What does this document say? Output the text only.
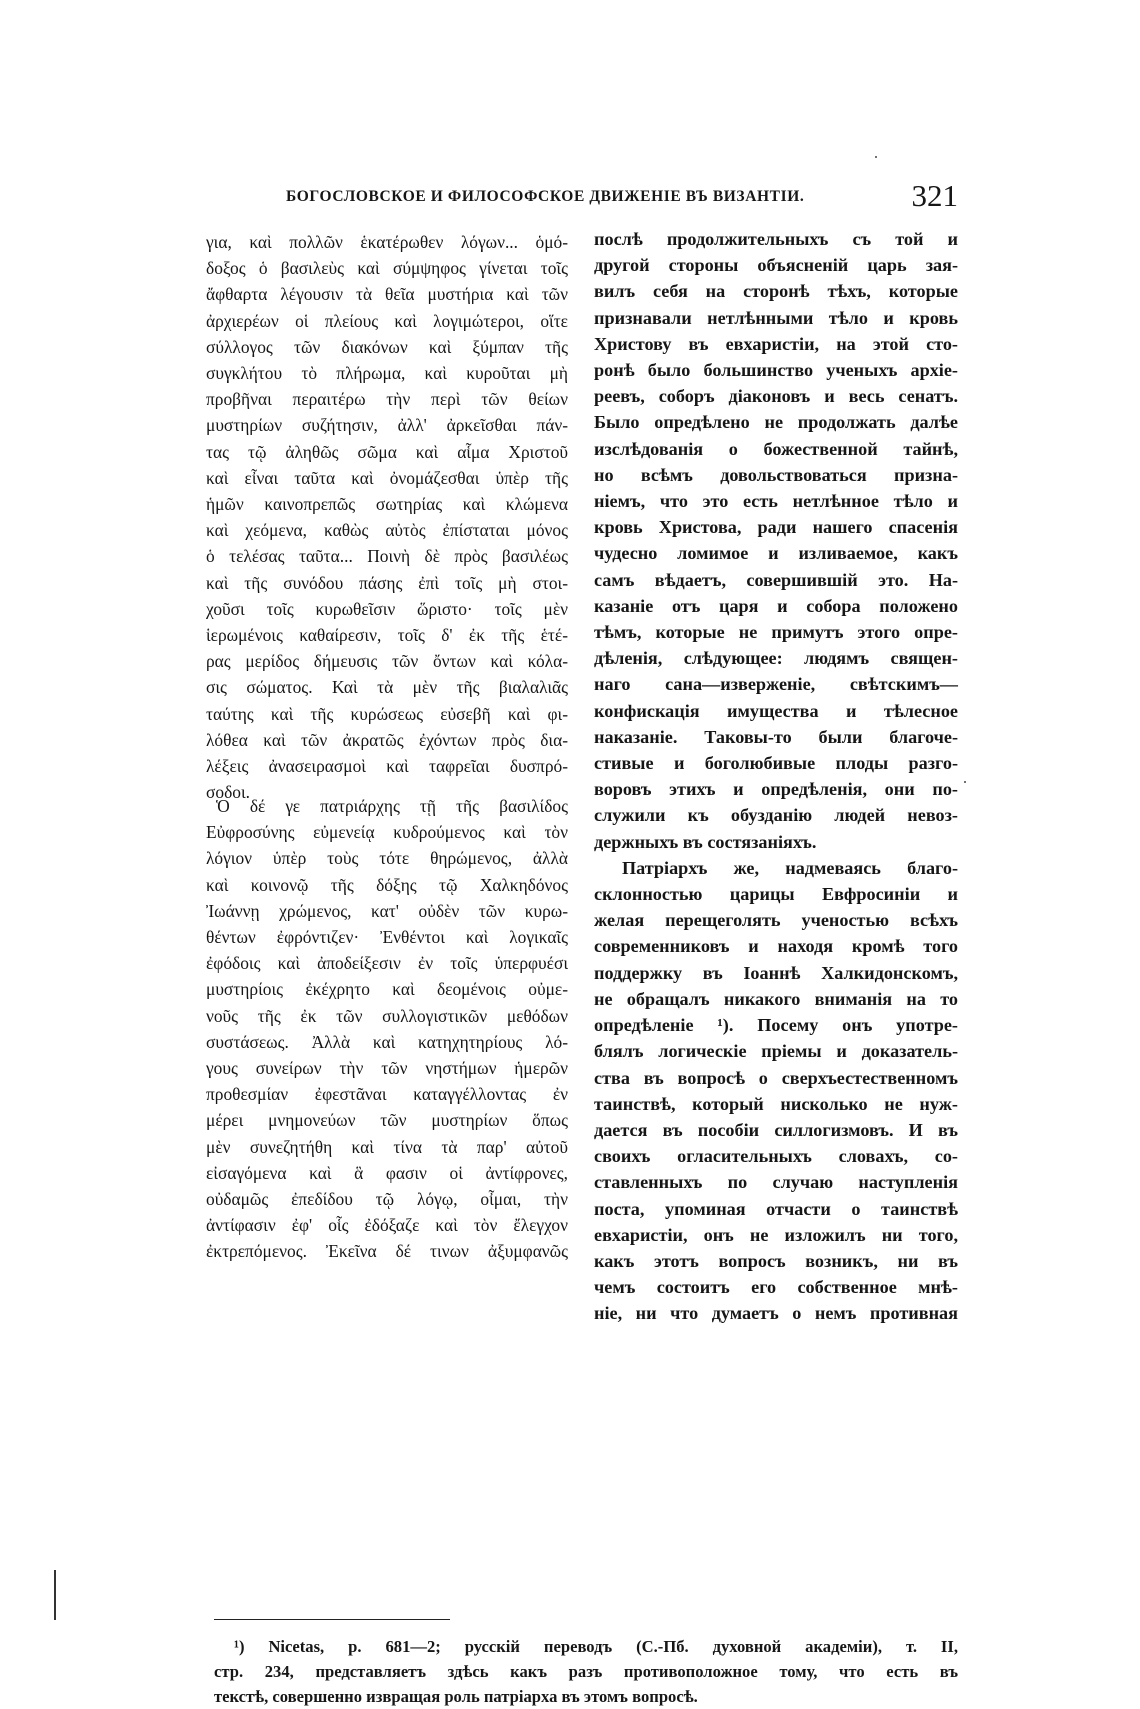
БОГОСЛОВСКОЕ И ФИЛОСОФСКОЕ ДВИЖЕНІЕ ВЪ ВИЗАНТІИ.	321
για, καὶ πολλῶν ἑκατέρωθεν λόγων... ὁμό-
δοξος ὁ βασιλεὺς καὶ σύμψηφος γίνεται τοῖς
ἄφθαρτα λέγουσιν τὰ θεῖα μυστήρια καὶ τῶν
ἀρχιερέων οἱ πλείους καὶ λογιμώτεροι, οἵτε
σύλλογος τῶν διακόνων καὶ ξύμπαν τῆς
συγκλήτου τὸ πλήρωμα, καὶ κυροῦται μὴ
προβῆναι περαιτέρω τὴν περὶ τῶν θείων
μυστηρίων συζήτησιν, ἀλλ' ἀρκεῖσθαι πάν-
τας τῷ ἀληθῶς σῶμα καὶ αἷμα Χριστοῦ
καὶ εἶναι ταῦτα καὶ ὀνομάζεσθαι ὑπὲρ τῆς
ἡμῶν καινοπρεπῶς σωτηρίας καὶ κλώμενα
καὶ χεόμενα, καθὼς αὐτὸς ἐπίσταται μόνος
ὁ τελέσας ταῦτα... Ποινὴ δὲ πρὸς βασιλέως
καὶ τῆς συνόδου πάσης ἐπὶ τοῖς μὴ στοι-
χοῦσι τοῖς κυρωθεῖσιν ὥριστο· τοῖς μὲν
ἱερωμένοις καθαίρεσιν, τοῖς δ' ἐκ τῆς ἑτέ-
ρας μερίδος δήμευσις τῶν ὄντων καὶ κόλα-
σις σώματος. Καὶ τὰ μὲν τῆς βιαλαλιᾶς
ταύτης καὶ τῆς κυρώσεως εὐσεβῆ καὶ φι-
λόθεα καὶ τῶν ἀκρατῶς ἐχόντων πρὸς δια-
λέξεις ἀνασειρασμοὶ καὶ ταφρεῖαι δυσπρό-
σοδοι.
Ὁ δέ γε πατριάρχης τῇ τῆς βασιλίδος
Εὐφροσύνης εὐμενείᾳ κυδρούμενος καὶ τὸν
λόγιον ὑπὲρ τοὺς τότε θηρώμενος, ἀλλὰ
καὶ κοινονῷ τῆς δόξης τῷ Χαλκηδόνος
Ἰωάννῃ χρώμενος, κατ' οὐδὲν τῶν κυρω-
θέντων ἐφρόντιζεν· Ἐνθέντοι καὶ λογικαῖς
ἐφόδοις καὶ ἀποδείξεσιν ἐν τοῖς ὑπερφυέσι
μυστηρίοις ἐκέχρητο καὶ δεομένοις οὐμε-
νοῦς τῆς ἐκ τῶν συλλογιστικῶν μεθόδων
συστάσεως. Ἀλλὰ καὶ κατηχητηρίους λό-
γους συνείρων τὴν τῶν νηστήμων ἡμερῶν
προθεσμίαν ἐφεστᾶναι καταγγέλλοντας ἐν
μέρει μνημονεύων τῶν μυστηρίων ὅπως
μὲν συνεζητήθη καὶ τίνα τὰ παρ' αὐτοῦ
εἰσαγόμενα καὶ ἃ φασιν οἱ ἀντίφρονες,
οὐδαμῶς ἐπεδίδου τῷ λόγῳ, οἶμαι, τὴν
ἀντίφασιν ἐφ' οἷς ἐδόξαζε καὶ τὸν ἔλεγχον
ἐκτρεπόμενος. Ἐκεῖνα δέ τινων ἀξυμφανῶς
послѣ продолжительныхъ съ той и
другой стороны объясненій царь зая-
вилъ себя на сторонѣ тѣхъ, которые
признавали нетлѣнными тѣло и кровь
Христову въ евхаристіи, на этой сто-
ронѣ было большинство ученыхъ архіе-
реевъ, соборъ діаконовъ и весь сенатъ.
Было опредѣлено не продолжать далѣе
изслѣдованія о божественной тайнѣ,
но всѣмъ довольствоваться призна-
ніемъ, что это есть нетлѣнное тѣло и
кровь Христова, ради нашего спасенія
чудесно ломимое и изливаемое, какъ
самъ вѣдаетъ, совершившій это. На-
казаніе отъ царя и собора положено
тѣмъ, которые не примутъ этого опре-
дѣленія, слѣдующее: людямъ священ-
наго сана—изверженіе, свѣтскимъ—
конфискація имущества и тѣлесное
наказаніе. Таковы-то были благоче-
стивые и боголюбивые плоды разго-
воровъ этихъ и опредѣленія, они по-
служили къ обузданію людей невоз-
держныхъ въ состязаніяхъ.
Патріархъ же, надмеваясь благо-
склонностью царицы Евфросиніи и
желая перещеголять ученостью всѣхъ
современниковъ и находя кромѣ того
поддержку въ Іоаннѣ Халкидонскомъ,
не обращалъ никакого вниманія на то
опредѣленіе ¹). Посему онъ употре-
блялъ логическіе пріемы и доказатель-
ства въ вопросѣ о сверхъестественномъ
таинствѣ, который нисколько не нуж-
дается въ пособіи силлогизмовъ. И въ
своихъ огласительныхъ словахъ, со-
ставленныхъ по случаю наступленія
поста, упоминая отчасти о таинствѣ
евхаристіи, онъ не изложилъ ни того,
какъ этотъ вопросъ возникъ, ни въ
чемъ состоитъ его собственное мнѣ-
ніе, ни что думаетъ о немъ противная
¹) Nicetas, p. 681—2; русскій переводъ (С.-Пб. духовной академіи), т. II,
стр. 234, представляетъ здѣсь какъ разъ противоположное тому, что есть въ
текстѣ, совершенно извращая роль патріарха въ этомъ вопросѣ.
